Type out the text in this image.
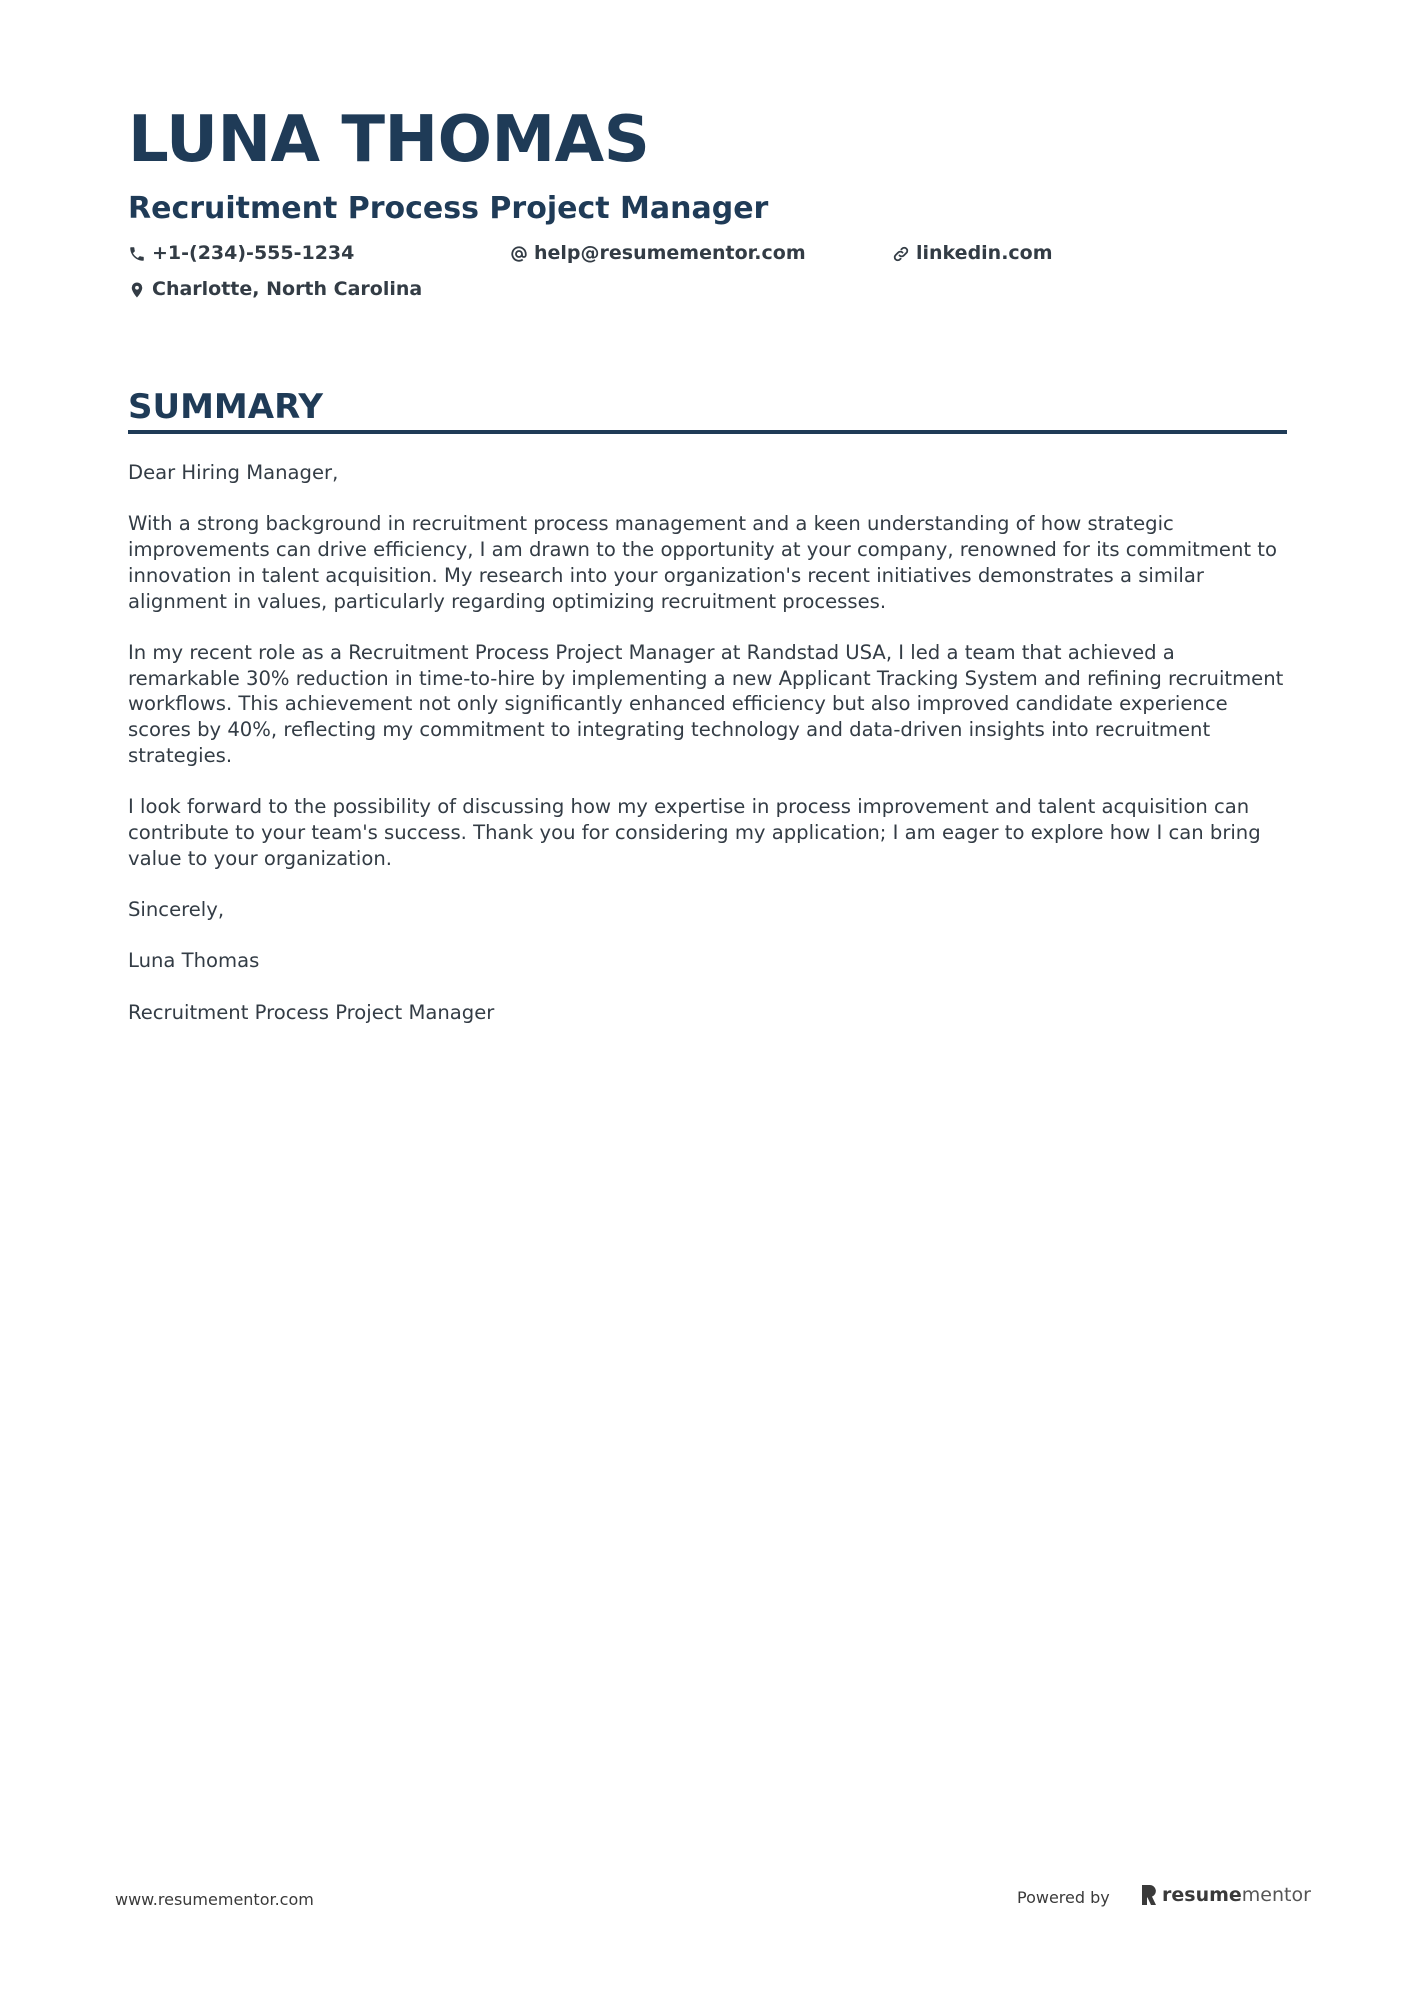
LUNA THOMAS
Recruitment Process Project Manager
+1-(234)-555-1234	help@resumementor.com	linkedin.com
Charlotte, North Carolina
SUMMARY

Dear Hiring Manager,

With a strong background in recruitment process management and a keen understanding of how strategic improvements can drive efficiency, I am drawn to the opportunity at your company, renowned for its commitment to innovation in talent acquisition. My research into your organization's recent initiatives demonstrates a similar alignment in values, particularly regarding optimizing recruitment processes.

In my recent role as a Recruitment Process Project Manager at Randstad USA, I led a team that achieved a remarkable 30% reduction in time-to-hire by implementing a new Applicant Tracking System and refining recruitment workflows. This achievement not only significantly enhanced efficiency but also improved candidate experience scores by 40%, reflecting my commitment to integrating technology and data-driven insights into recruitment strategies.

I look forward to the possibility of discussing how my expertise in process improvement and talent acquisition can contribute to your team's success. Thank you for considering my application; I am eager to explore how I can bring value to your organization.

Sincerely,

Luna Thomas

Recruitment Process Project Manager

www.resumementor.com	Powered by	resume mentor
